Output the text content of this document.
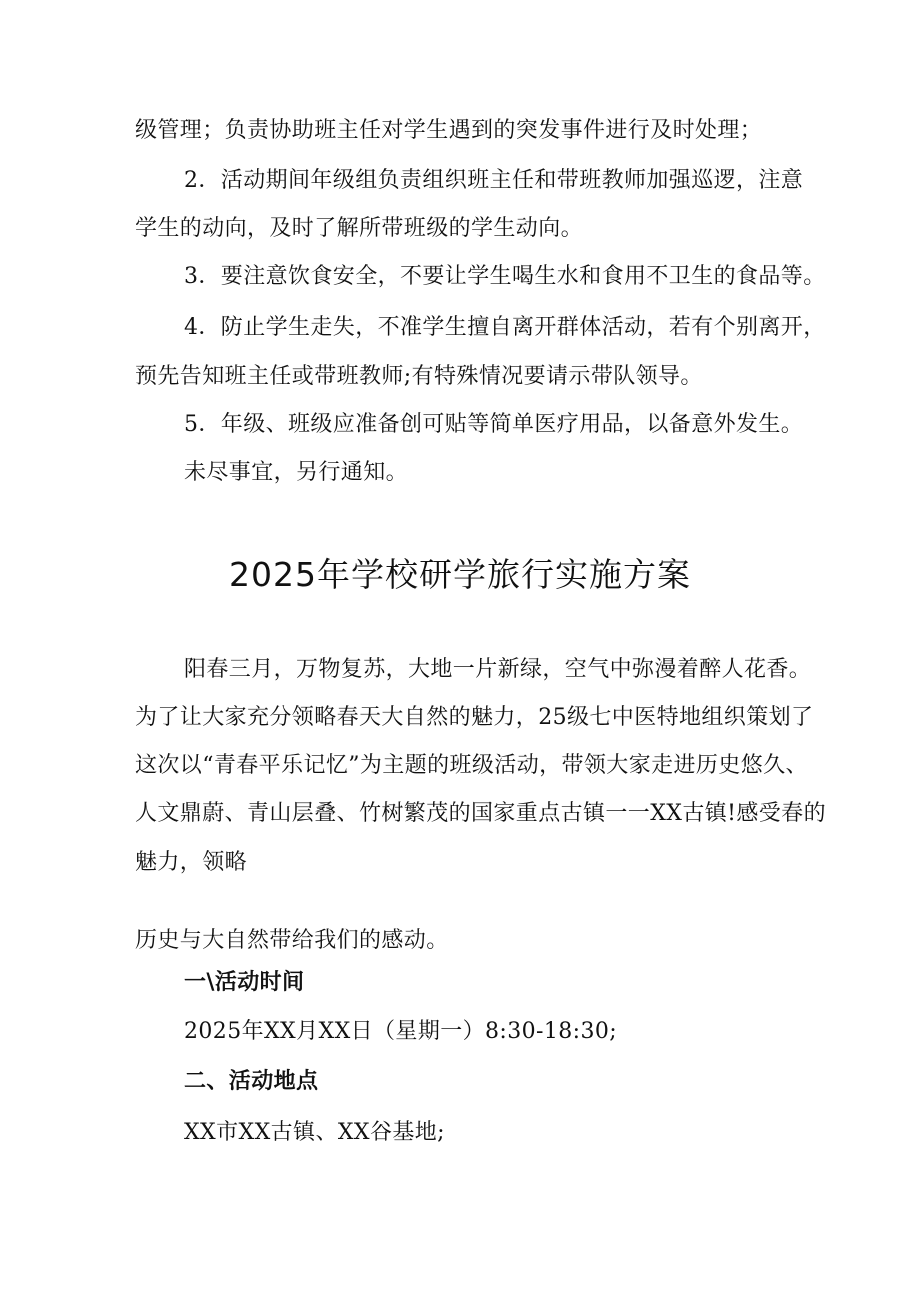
级管理；负责协助班主任对学生遇到的突发事件进行及时处理；
2．活动期间年级组负责组织班主任和带班教师加强巡逻，注意
学生的动向，及时了解所带班级的学生动向。
3．要注意饮食安全，不要让学生喝生水和食用不卫生的食品等。
4．防止学生走失，不准学生擅自离开群体活动，若有个别离开，
预先告知班主任或带班教师;有特殊情况要请示带队领导。
5．年级、班级应准备创可贴等简单医疗用品，以备意外发生。
未尽事宜，另行通知。
2025年学校研学旅行实施方案
阳春三月，万物复苏，大地一片新绿，空气中弥漫着醉人花香。
为了让大家充分领略春天大自然的魅力，25级七中医特地组织策划了
这次以“青春平乐记忆”为主题的班级活动，带领大家走进历史悠久、
人文鼎蔚、青山层叠、竹树繁茂的国家重点古镇一一XX古镇!感受春的
魅力，领略
历史与大自然带给我们的感动。
一\活动时间
2025年XX月XX日（星期一）8:30-18:30;
二、活动地点
XX市XX古镇、XX谷基地;
